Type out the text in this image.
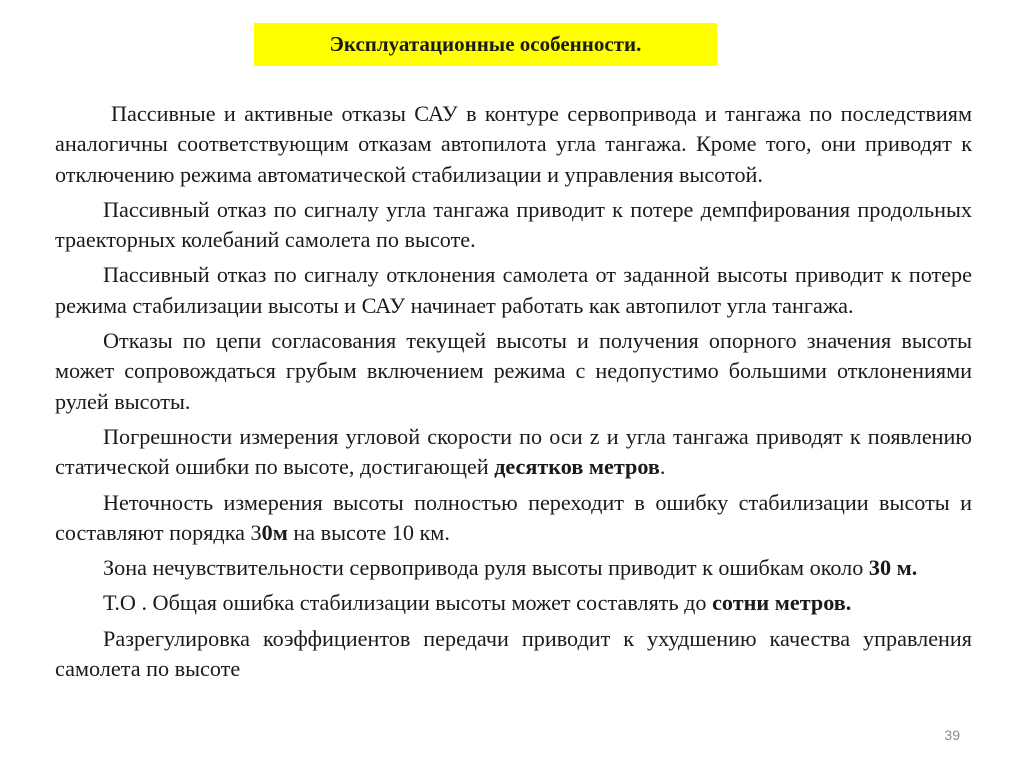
Эксплуатационные особенности.

Пассивные и активные отказы САУ в контуре сервопривода и тангажа по последствиям аналогичны соответствующим отказам автопилота угла тангажа. Кроме того, они приводят к отключению режима автоматической стабилизации и управления высотой.

Пассивный отказ по сигналу угла тангажа приводит к потере демпфирования продольных траекторных колебаний самолета по высоте.

Пассивный отказ по сигналу отклонения самолета от заданной высоты приводит к потере режима стабилизации высоты и САУ начинает работать как автопилот угла тангажа.

Отказы по цепи согласования текущей высоты и получения опорного значения высоты может сопровождаться грубым включением режима с недопустимо большими отклонениями рулей высоты.

Погрешности измерения угловой скорости по оси z и угла тангажа приводят к появлению статической ошибки по высоте, достигающей десятков метров.

Неточность измерения высоты полностью переходит в ошибку стабилизации высоты и составляют порядка 30м на высоте 10 км.

Зона нечувствительности сервопривода руля высоты приводит к ошибкам около 30 м.

Т.О . Общая ошибка стабилизации высоты может составлять до сотни метров.

Разрегулировка коэффициентов передачи приводит к ухудшению качества управления самолета по высоте

39
